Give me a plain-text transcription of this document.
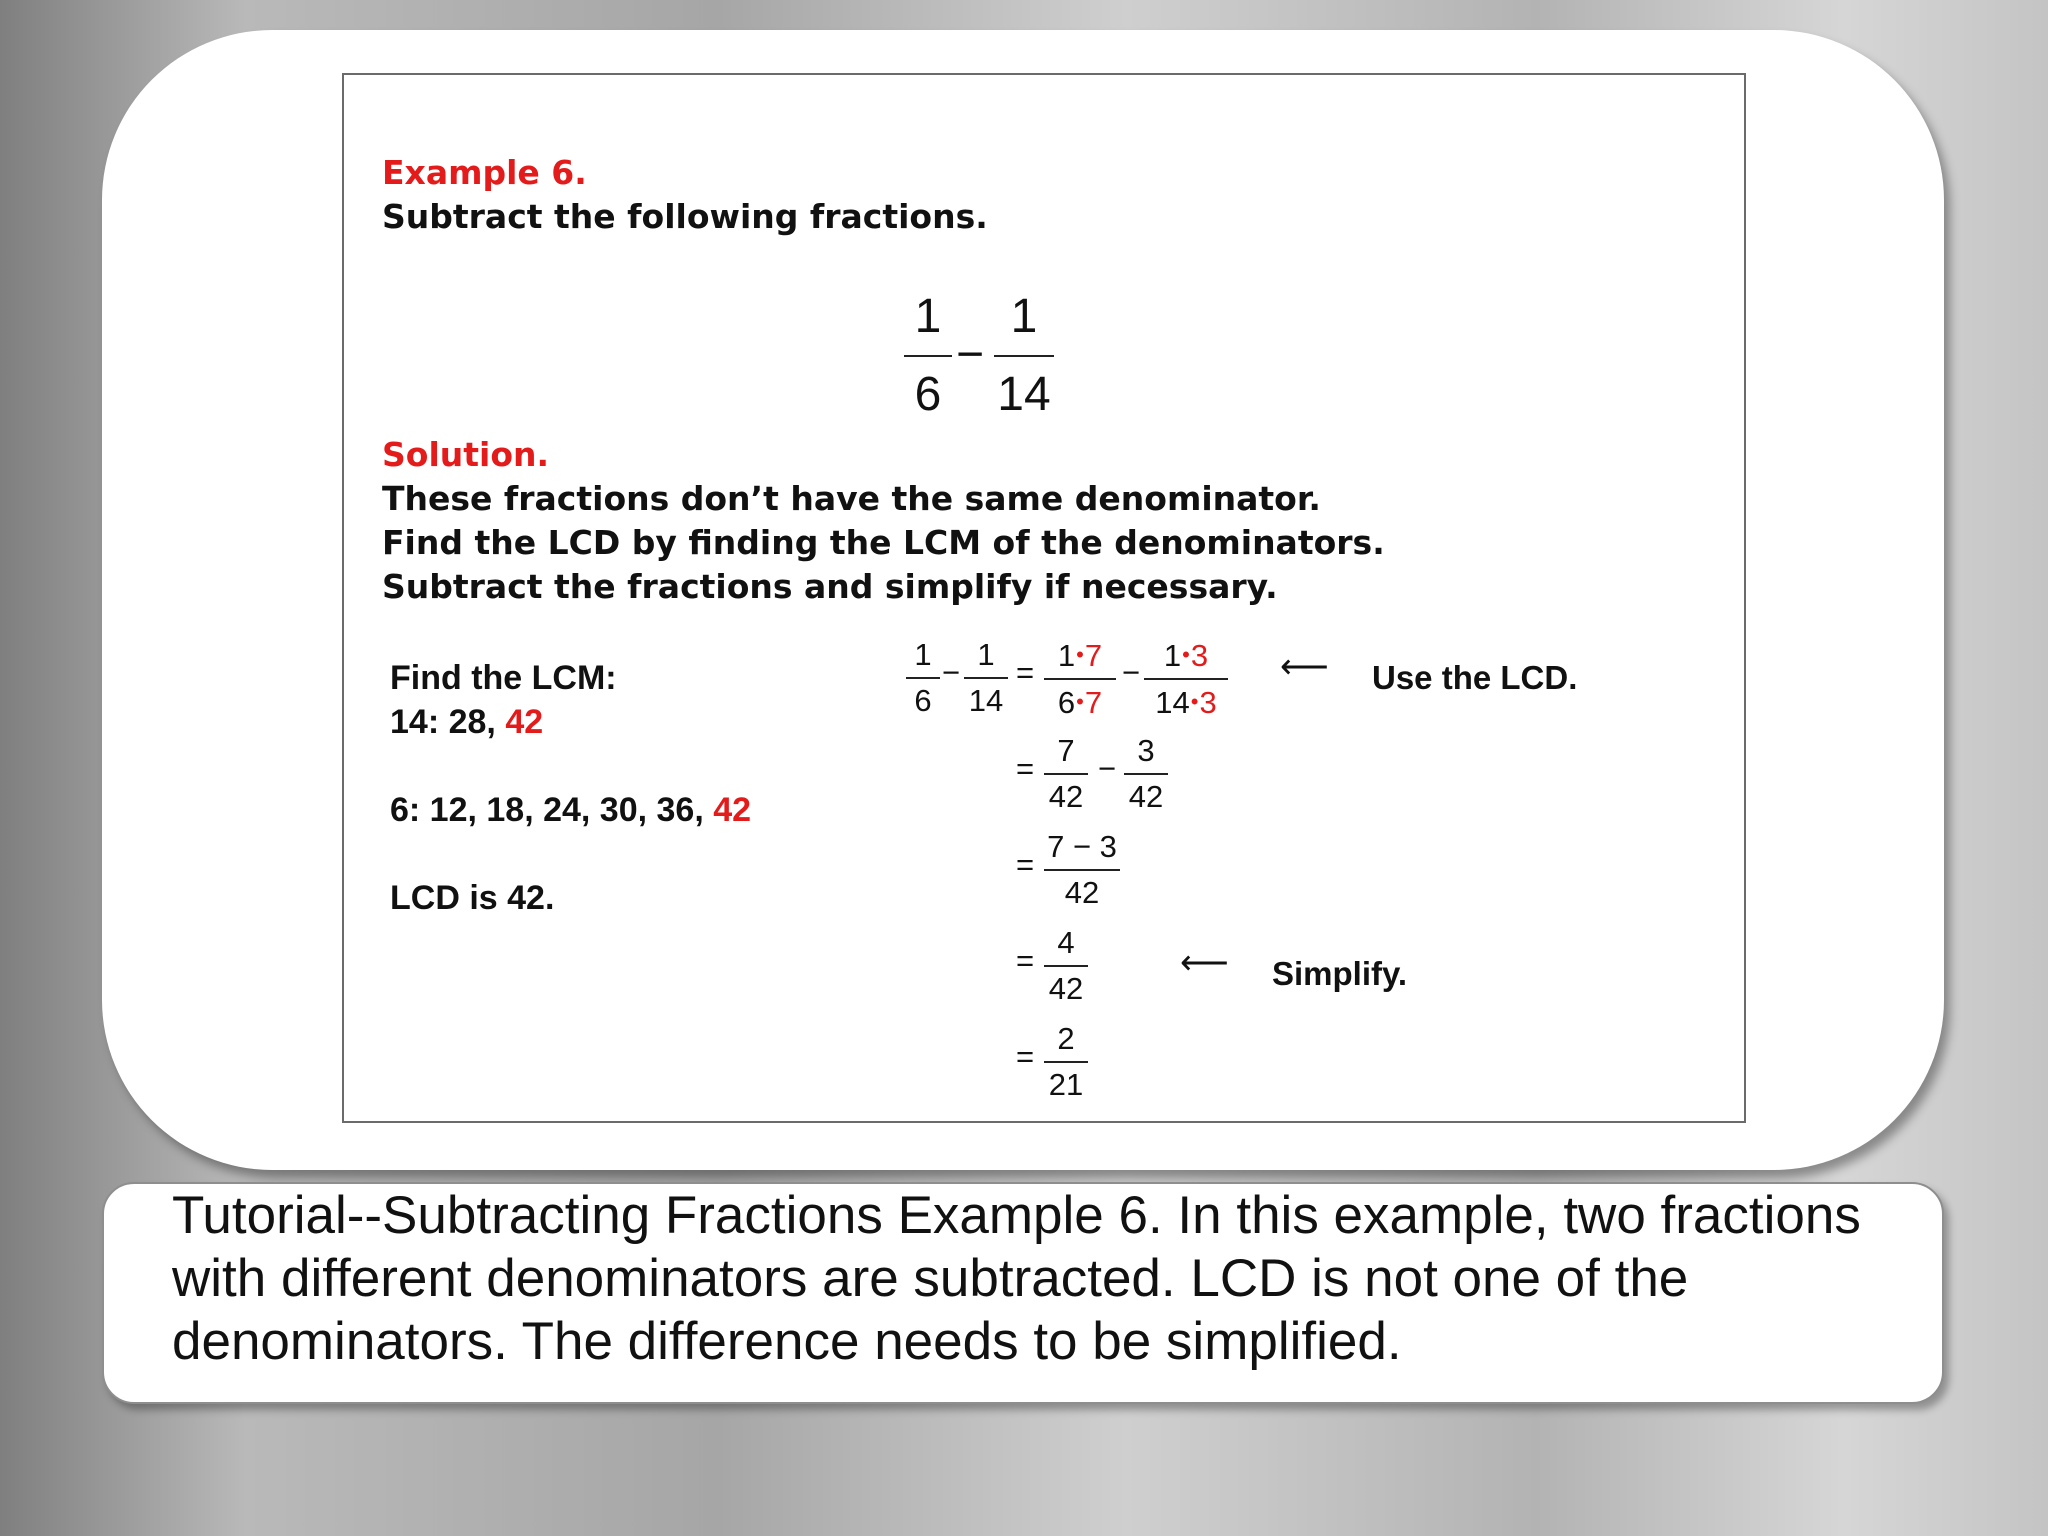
Example 6.
Subtract the following fractions.
1
6
−
1
14
Solution.
These fractions don’t have the same denominator.
Find the LCD by finding the LCM of the denominators.
Subtract the fractions and simplify if necessary.
Find the LCM:
14: 28, 42
6: 12, 18, 24, 30, 36, 42
LCD is 42.
1
6
−
1
14
= 1•7
6•7
− 1•3
14•3
⟵ Use the LCD.
=
7
42
−
3
42
=
7 − 3
42
=
4
42
⟵ Simplify.
=
2
21
Tutorial--Subtracting Fractions Example 6. In this example, two fractions with different denominators are subtracted. LCD is not one of the denominators. The difference needs to be simplified.
